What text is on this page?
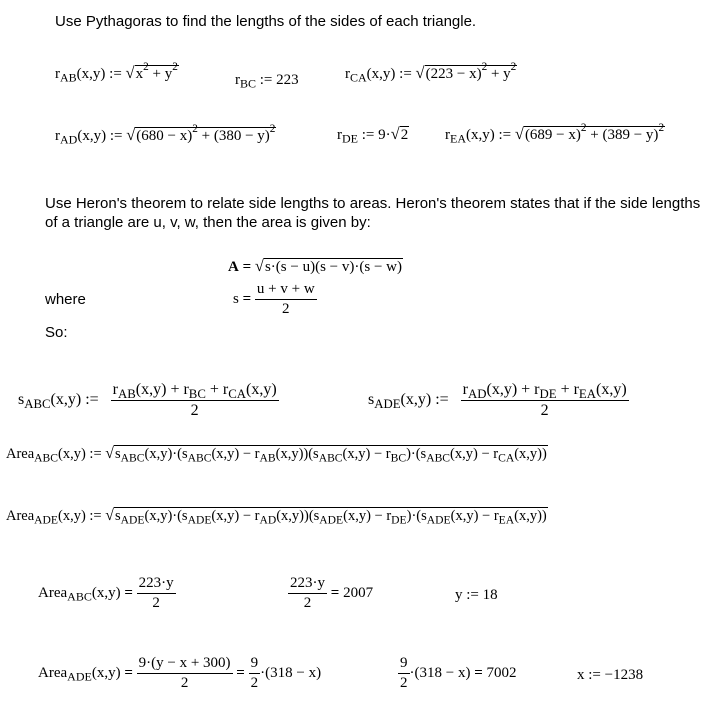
Use Pythagoras to find the lengths of the sides of each triangle.
$r_{AB}(x,y)$ := $√x^2 + y^2$
$r_{BC}$ := 223	$r_{CA}(x,y)$ := $√(223 - x)^2 + y^2$
$r_{AD}(x,y)$ := $√(680 - x)^2 + (380 - y)^2$	$r_{DE}$ := 9·√2 $r_{EA}(x,y)$ := $√(689 - x)^2 + (389 - y)^2$
Use Heron's theorem to relate side lengths to areas. Heron's theorem states that if the side lengths of a triangle are u, v, w, then the area is given by:
A = √s·(s − u)(s − v)·(s − w)
where	$s = \frac{u + v + w}{2}$
So:
$s_{ABC}(x,y)$ := $\frac{r_{AB}(x,y) + r_{BC} + r_{CA}(x,y)}{2}$	$s_{ADE}(x,y)$ := $\frac{r_{AD}(x,y) + r_{DE} + r_{EA}(x,y)}{2}$
Area$_{ABC}$(x,y) := $√s_{ABC}(x,y)\cdot(s_{ABC}(x,y) - r_{AB}(x,y))(s_{ABC}(x,y) - r_{BC})\cdot(s_{ABC}(x,y) - r_{CA}(x,y))$
Area$_{ADE}$(x,y) := $√s_{ADE}(x,y)\cdot(s_{ADE}(x,y) - r_{AD}(x,y))(s_{ADE}(x,y) - r_{DE})\cdot(s_{ADE}(x,y) - r_{EA}(x,y))$
Area$_{ABC}$(x,y) = $\frac{223\cdot y}{2}$	$\frac{223\cdot y}{2} = 2007$	y := 18
Area$_{ADE}$(x,y) = $\frac{9\cdot(y - x + 300)}{2} = \frac{9}{2} \cdot(318 - x)$	$\frac{9}{2} \cdot(318 - x) = 7002$	x := −1238
